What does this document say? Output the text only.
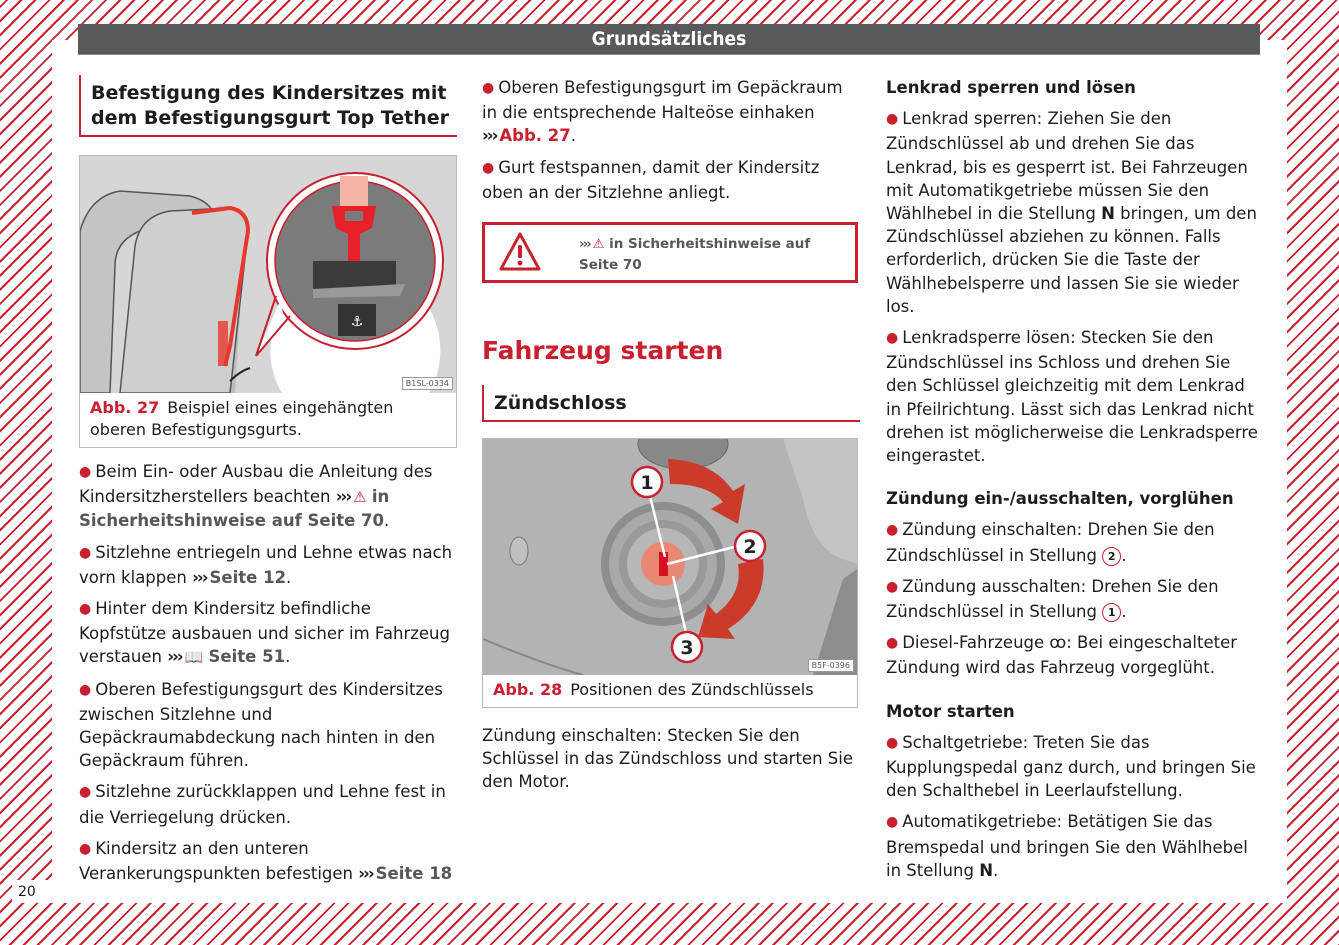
Grundsätzliches
Befestigung des Kindersitzes mit dem Befestigungsgurt Top Tether
⚓
B1SL-0334
Abb. 27 Beispiel eines eingehängten oberen Befestigungsgurts.
● Beim Ein- oder Ausbau die Anleitung des Kindersitzherstellers beachten ››› ⚠ in Sicherheitshinweise auf Seite 70.
● Sitzlehne entriegeln und Lehne etwas nach vorn klappen ››› Seite 12.
● Hinter dem Kindersitz befindliche Kopfstütze ausbauen und sicher im Fahrzeug verstauen ››› 📖 Seite 51.
● Oberen Befestigungsgurt des Kindersitzes zwischen Sitzlehne und Gepäckraumabdeckung nach hinten in den Gepäckraum führen.
● Sitzlehne zurückklappen und Lehne fest in die Verriegelung drücken.
● Kindersitz an den unteren Verankerungspunkten befestigen ››› Seite 18
● Oberen Befestigungsgurt im Gepäckraum in die entsprechende Halteöse einhaken ››› Abb. 27.
● Gurt festspannen, damit der Kindersitz oben an der Sitzlehne anliegt.
››› ⚠ in Sicherheitshinweise auf
Seite 70
Fahrzeug starten
Zündschloss
1
2
3
B5F-0396
Abb. 28 Positionen des Zündschlüssels

Zündung einschalten: Stecken Sie den Schlüssel in das Zündschloss und starten Sie den Motor.

Lenkrad sperren und lösen
● Lenkrad sperren: Ziehen Sie den Zündschlüssel ab und drehen Sie das Lenkrad, bis es gesperrt ist. Bei Fahrzeugen mit Automatikgetriebe müssen Sie den Wählhebel in die Stellung N bringen, um den Zündschlüssel abziehen zu können. Falls erforderlich, drücken Sie die Taste der Wählhebelsperre und lassen Sie sie wieder los.
● Lenkradsperre lösen: Stecken Sie den Zündschlüssel ins Schloss und drehen Sie den Schlüssel gleichzeitig mit dem Lenkrad in Pfeilrichtung. Lässt sich das Lenkrad nicht drehen ist möglicherweise die Lenkradsperre eingerastet.
Zündung ein-/ausschalten, vorglühen
● Zündung einschalten: Drehen Sie den Zündschlüssel in Stellung 2 .
● Zündung ausschalten: Drehen Sie den Zündschlüssel in Stellung 1 .
● Diesel-Fahrzeuge ꝏ: Bei eingeschalteter Zündung wird das Fahrzeug vorgeglüht.
Motor starten
● Schaltgetriebe: Treten Sie das Kupplungspedal ganz durch, und bringen Sie den Schalthebel in Leerlaufstellung.
● Automatikgetriebe: Betätigen Sie das Bremspedal und bringen Sie den Wählhebel in Stellung N.
20
